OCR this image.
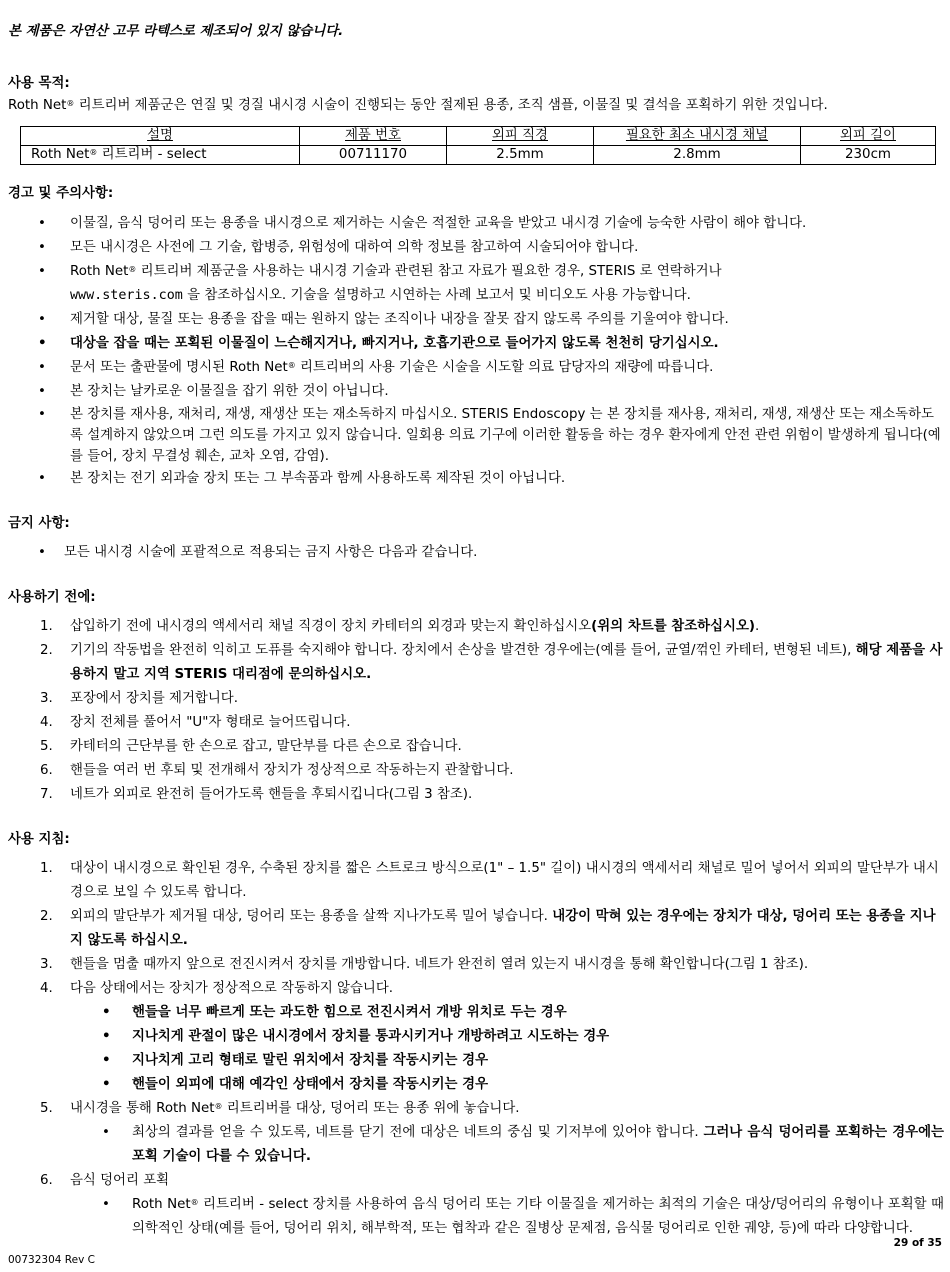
본 제품은 자연산 고무 라텍스로 제조되어 있지 않습니다.

사용 목적:

Roth Net® 리트리버 제품군은 연질 및 경질 내시경 시술이 진행되는 동안 절제된 용종, 조직 샘플, 이물질 및 결석을 포획하기 위한 것입니다.

설명	제품 번호	외피 직경	필요한 최소 내시경 채널	외피 길이
Roth Net® 리트리버 - select	00711170	2.5mm	2.8mm	230cm

경고 및 주의사항:

• 이물질, 음식 덩어리 또는 용종을 내시경으로 제거하는 시술은 적절한 교육을 받았고 내시경 기술에 능숙한 사람이 해야 합니다.
• 모든 내시경은 사전에 그 기술, 합병증, 위험성에 대하여 의학 정보를 참고하여 시술되어야 합니다.
• Roth Net® 리트리버 제품군을 사용하는 내시경 기술과 관련된 참고 자료가 필요한 경우, STERIS 로 연락하거나
www.steris.com 을 참조하십시오. 기술을 설명하고 시연하는 사례 보고서 및 비디오도 사용 가능합니다.
• 제거할 대상, 물질 또는 용종을 잡을 때는 원하지 않는 조직이나 내장을 잘못 잡지 않도록 주의를 기울여야 합니다.
• 대상을 잡을 때는 포획된 이물질이 느슨해지거나, 빠지거나, 호흡기관으로 들어가지 않도록 천천히 당기십시오.
• 문서 또는 출판물에 명시된 Roth Net® 리트리버의 사용 기술은 시술을 시도할 의료 담당자의 재량에 따릅니다.
• 본 장치는 날카로운 이물질을 잡기 위한 것이 아닙니다.
• 본 장치를 재사용, 재처리, 재생, 재생산 또는 재소독하지 마십시오. STERIS Endoscopy 는 본 장치를 재사용, 재처리, 재생, 재생산 또는 재소독하도록 설계하지 않았으며 그런 의도를 가지고 있지 않습니다. 일회용 의료 기구에 이러한 활동을 하는 경우 환자에게 안전 관련 위험이 발생하게 됩니다(예를 들어, 장치 무결성 훼손, 교차 오염, 감염).
• 본 장치는 전기 외과술 장치 또는 그 부속품과 함께 사용하도록 제작된 것이 아닙니다.

금지 사항:

• 모든 내시경 시술에 포괄적으로 적용되는 금지 사항은 다음과 같습니다.

사용하기 전에:

1. 삽입하기 전에 내시경의 액세서리 채널 직경이 장치 카테터의 외경과 맞는지 확인하십시오(위의 차트를 참조하십시오).
2. 기기의 작동법을 완전히 익히고 도퓨를 숙지해야 합니다. 장치에서 손상을 발견한 경우에는(예를 들어, 균열/꺾인 카테터, 변형된 네트), 해당 제품을 사용하지 말고 지역 STERIS 대리점에 문의하십시오.
3. 포장에서 장치를 제거합니다.
4. 장치 전체를 풀어서 "U"자 형태로 늘어뜨립니다.
5. 카테터의 근단부를 한 손으로 잡고, 말단부를 다른 손으로 잡습니다.
6. 핸들을 여러 번 후퇴 및 전개해서 장치가 정상적으로 작동하는지 관찰합니다.
7. 네트가 외피로 완전히 들어가도록 핸들을 후퇴시킵니다(그림 3 참조).

사용 지침:

1. 대상이 내시경으로 확인된 경우, 수축된 장치를 짧은 스트로크 방식으로(1" – 1.5" 길이) 내시경의 액세서리 채널로 밀어 넣어서 외피의 말단부가 내시경으로 보일 수 있도록 합니다.
2. 외피의 말단부가 제거될 대상, 덩어리 또는 용종을 살짝 지나가도록 밀어 넣습니다. 내강이 막혀 있는 경우에는 장치가 대상, 덩어리 또는 용종을 지나지 않도록 하십시오.
3. 핸들을 멈출 때까지 앞으로 전진시켜서 장치를 개방합니다. 네트가 완전히 열려 있는지 내시경을 통해 확인합니다(그림 1 참조).
4. 다음 상태에서는 장치가 정상적으로 작동하지 않습니다.
• 핸들을 너무 빠르게 또는 과도한 힘으로 전진시켜서 개방 위치로 두는 경우
• 지나치게 관절이 많은 내시경에서 장치를 통과시키거나 개방하려고 시도하는 경우
• 지나치게 고리 형태로 말린 위치에서 장치를 작동시키는 경우
• 핸들이 외피에 대해 예각인 상태에서 장치를 작동시키는 경우
5. 내시경을 통해 Roth Net® 리트리버를 대상, 덩어리 또는 용종 위에 놓습니다.
• 최상의 결과를 얻을 수 있도록, 네트를 닫기 전에 대상은 네트의 중심 및 기저부에 있어야 합니다. 그러나 음식 덩어리를 포획하는 경우에는 포획 기술이 다를 수 있습니다.
6. 음식 덩어리 포획
• Roth Net® 리트리버 - select 장치를 사용하여 음식 덩어리 또는 기타 이물질을 제거하는 최적의 기술은 대상/덩어리의 유형이나 포획할 때 의학적인 상태(예를 들어, 덩어리 위치, 해부학적, 또는 협착과 같은 질병상 문제점, 음식물 덩어리로 인한 궤양, 등)에 따라 다양합니다.
29 of 35
00732304 Rev C
